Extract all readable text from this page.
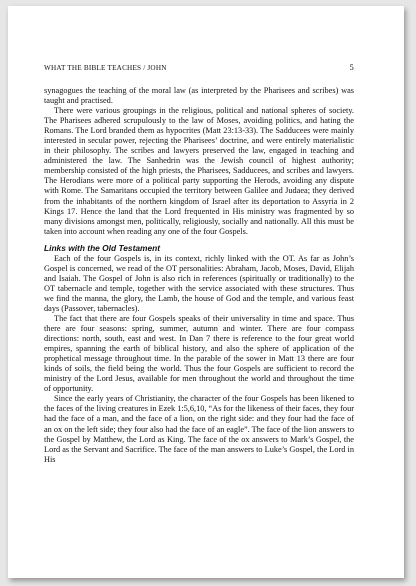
WHAT THE BIBLE TEACHES / JOHN	5

synagogues the teaching of the moral law (as interpreted by the Pharisees and scribes) was taught and practised.

There were various groupings in the religious, political and national spheres of society. The Pharisees adhered scrupulously to the law of Moses, avoiding politics, and hating the Romans. The Lord branded them as hypocrites (Matt 23:13-33). The Sadducees were mainly interested in secular power, rejecting the Pharisees’ doctrine, and were entirely materialistic in their philosophy. The scribes and lawyers preserved the law, engaged in teaching and administered the law. The Sanhedrin was the Jewish council of highest authority; membership consisted of the high priests, the Pharisees, Sadducees, and scribes and lawyers. The Herodians were more of a political party supporting the Herods, avoiding any dispute with Rome. The Samaritans occupied the territory between Galilee and Judaea; they derived from the inhabitants of the northern kingdom of Israel after its deportation to Assyria in 2 Kings 17. Hence the land that the Lord frequented in His ministry was fragmented by so many divisions amongst men, politically, religiously, socially and nationally. All this must be taken into account when reading any one of the four Gospels.

Links with the Old Testament

Each of the four Gospels is, in its context, richly linked with the OT. As far as John’s Gospel is concerned, we read of the OT personalities: Abraham, Jacob, Moses, David, Elijah and Isaiah. The Gospel of John is also rich in references (spiritually or traditionally) to the OT tabernacle and temple, together with the service associated with these structures. Thus we find the manna, the glory, the Lamb, the house of God and the temple, and various feast days (Passover, tabernacles).

The fact that there are four Gospels speaks of their universality in time and space. Thus there are four seasons: spring, summer, autumn and winter. There are four compass directions: north, south, east and west. In Dan 7 there is reference to the four great world empires, spanning the earth of biblical history, and also the sphere of application of the prophetical message throughout time. In the parable of the sower in Matt 13 there are four kinds of soils, the field being the world. Thus the four Gospels are sufficient to record the ministry of the Lord Jesus, available for men throughout the world and throughout the time of opportunity.

Since the early years of Christianity, the character of the four Gospels has been likened to the faces of the living creatures in Ezek 1:5,6,10, “As for the likeness of their faces, they four had the face of a man, and the face of a lion, on the right side: and they four had the face of an ox on the left side; they four also had the face of an eagle”. The face of the lion answers to the Gospel by Matthew, the Lord as King. The face of the ox answers to Mark’s Gospel, the Lord as the Servant and Sacrifice. The face of the man answers to Luke’s Gospel, the Lord in His
